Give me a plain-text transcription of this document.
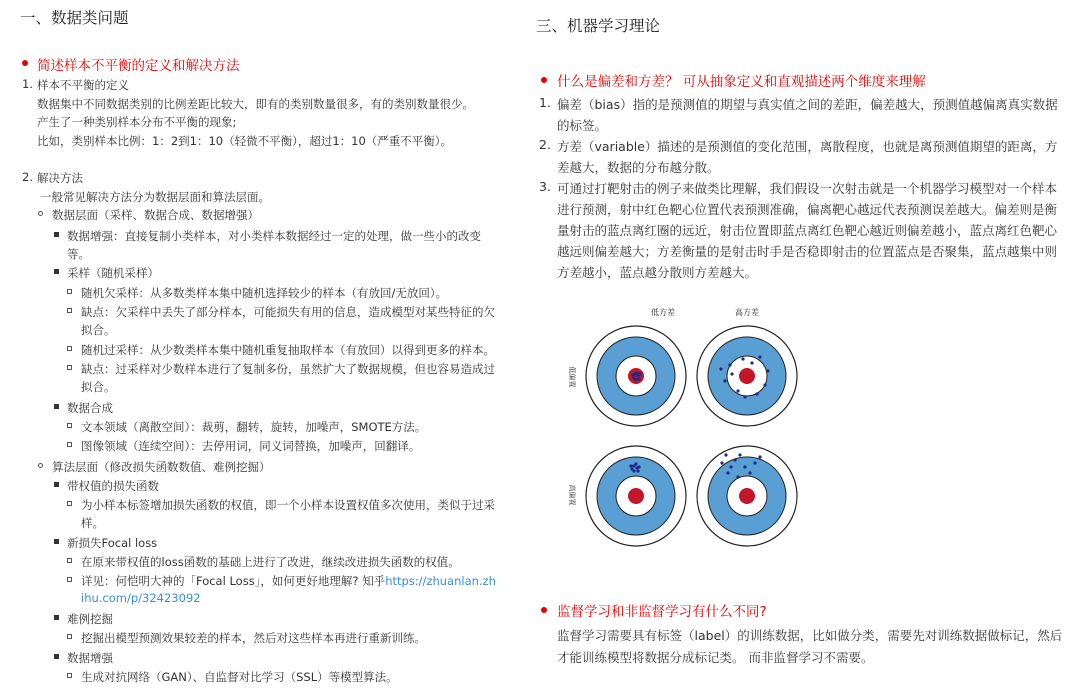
一、数据类问题
简述样本不平衡的定义和解决方法
1. 样本不平衡的定义
数据集中不同数据类别的比例差距比较大，即有的类别数量很多，有的类别数量很少。
产生了一种类别样本分布不平衡的现象;
比如，类别样本比例：1：2到1：10（轻微不平衡），超过1：10（严重不平衡）。
2. 解决方法
一般常见解决方法分为数据层面和算法层面。
数据层面（采样、数据合成、数据增强）
数据增强：直接复制小类样本，对小类样本数据经过一定的处理，做一些小的改变
等。
采样（随机采样）
随机欠采样：从多数类样本集中随机选择较少的样本（有放回/无放回）。
缺点：欠采样中丢失了部分样本，可能损失有用的信息，造成模型对某些特征的欠
拟合。
随机过采样：从少数类样本集中随机重复抽取样本（有放回）以得到更多的样本。
缺点：过采样对少数样本进行了复制多份，虽然扩大了数据规模，但也容易造成过
拟合。
数据合成
文本领域（离散空间）：裁剪，翻转，旋转，加噪声，SMOTE方法。
图像领域（连续空间）：去停用词，同义词替换，加噪声，回翻译。
算法层面（修改损失函数数值、难例挖掘）
带权值的损失函数
为小样本标签增加损失函数的权值，即一个小样本设置权值多次使用，类似于过采
样。
新损失Focal loss
在原来带权值的loss函数的基础上进行了改进，继续改进损失函数的权值。
详见：何恺明大神的「Focal Loss」，如何更好地理解? 知乎https://zhuanlan.zh
ihu.com/p/32423092
难例挖掘
挖掘出模型预测效果较差的样本，然后对这些样本再进行重新训练。
数据增强
生成对抗网络（GAN）、自监督对比学习（SSL）等模型算法。
三、机器学习理论
什么是偏差和方差？ 可从抽象定义和直观描述两个维度来理解
1. 偏差（bias）指的是预测值的期望与真实值之间的差距，偏差越大，预测值越偏离真实数据
的标签。
2. 方差（variable）描述的是预测值的变化范围，离散程度，也就是离预测值期望的距离，方
差越大，数据的分布越分散。
3. 可通过打靶射击的例子来做类比理解，我们假设一次射击就是一个机器学习模型对一个样本
进行预测，射中红色靶心位置代表预测准确，偏离靶心越远代表预测误差越大。偏差则是衡
量射击的蓝点离红圈的远近，射击位置即蓝点离红色靶心越近则偏差越小，蓝点离红色靶心
越远则偏差越大；方差衡量的是射击时手是否稳即射击的位置蓝点是否聚集，蓝点越集中则
方差越小，蓝点越分散则方差越大。
低方差	高方差
低偏置
高偏置
监督学习和非监督学习有什么不同?
监督学习需要具有标签（label）的训练数据，比如做分类，需要先对训练数据做标记，然后
才能训练模型将数据分成标记类。 而非监督学习不需要。
